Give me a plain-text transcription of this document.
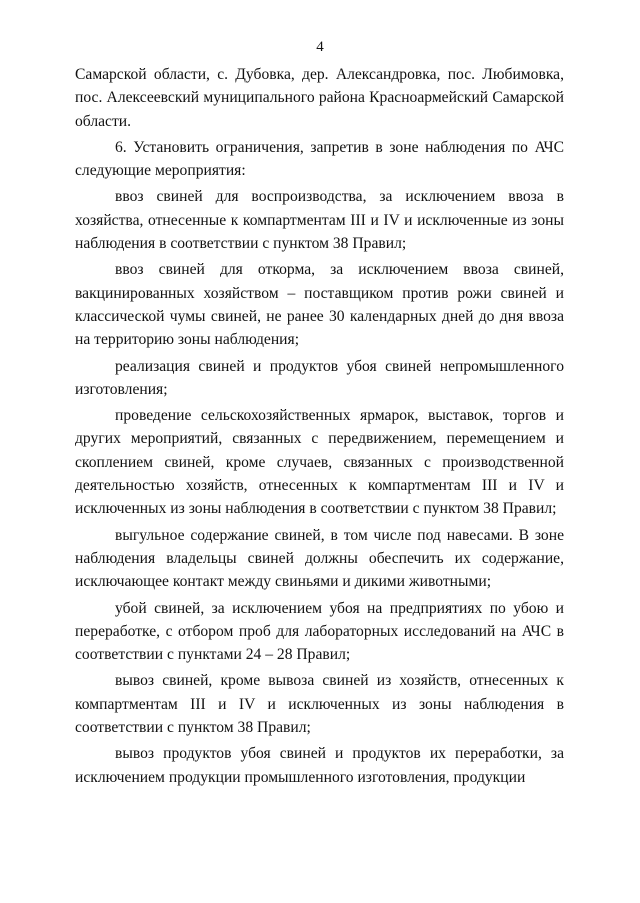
4

Самарской области, с. Дубовка, дер. Александровка, пос. Любимовка, пос. Алексеевский муниципального района Красноармейский Самарской области.

6. Установить ограничения, запретив в зоне наблюдения по АЧС следующие мероприятия:

ввоз свиней для воспроизводства, за исключением ввоза в хозяйства, отнесенные к компартментам III и IV и исключенные из зоны наблюдения в соответствии с пунктом 38 Правил;

ввоз свиней для откорма, за исключением ввоза свиней, вакцинированных хозяйством – поставщиком против рожи свиней и классической чумы свиней, не ранее 30 календарных дней до дня ввоза на территорию зоны наблюдения;

реализация свиней и продуктов убоя свиней непромышленного изготовления;

проведение сельскохозяйственных ярмарок, выставок, торгов и других мероприятий, связанных с передвижением, перемещением и скоплением свиней, кроме случаев, связанных с производственной деятельностью хозяйств, отнесенных к компартментам III и IV и исключенных из зоны наблюдения в соответствии с пунктом 38 Правил;

выгульное содержание свиней, в том числе под навесами. В зоне наблюдения владельцы свиней должны обеспечить их содержание, исключающее контакт между свиньями и дикими животными;

убой свиней, за исключением убоя на предприятиях по убою и переработке, с отбором проб для лабораторных исследований на АЧС в соответствии с пунктами 24 – 28 Правил;

вывоз свиней, кроме вывоза свиней из хозяйств, отнесенных к компартментам III и IV и исключенных из зоны наблюдения в соответствии с пунктом 38 Правил;

вывоз продуктов убоя свиней и продуктов их переработки, за исключением продукции промышленного изготовления, продукции
